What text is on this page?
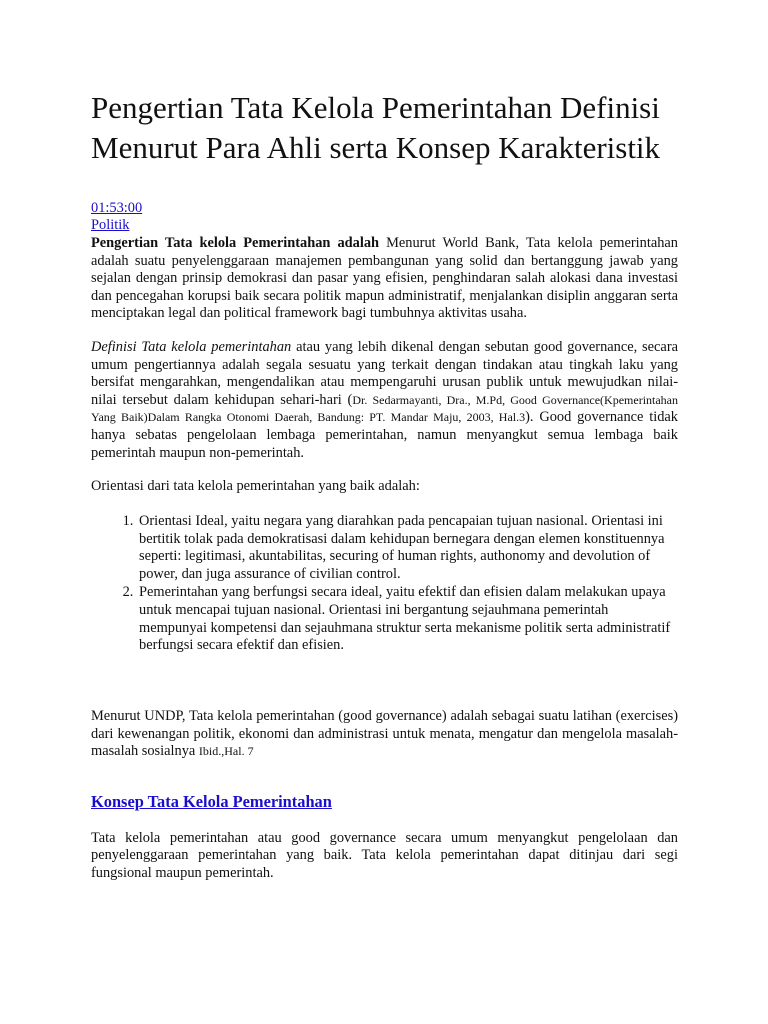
Pengertian Tata Kelola Pemerintahan Definisi Menurut Para Ahli serta Konsep Karakteristik
01:53:00
Politik

Pengertian Tata kelola Pemerintahan adalah Menurut World Bank, Tata kelola pemerintahan adalah suatu penyelenggaraan manajemen pembangunan yang solid dan bertanggung jawab yang sejalan dengan prinsip demokrasi dan pasar yang efisien, penghindaran salah alokasi dana investasi dan pencegahan korupsi baik secara politik mapun administratif, menjalankan disiplin anggaran serta menciptakan legal dan political framework bagi tumbuhnya aktivitas usaha.

Definisi Tata kelola pemerintahan atau yang lebih dikenal dengan sebutan good governance, secara umum pengertiannya adalah segala sesuatu yang terkait dengan tindakan atau tingkah laku yang bersifat mengarahkan, mengendalikan atau mempengaruhi urusan publik untuk mewujudkan nilai-nilai tersebut dalam kehidupan sehari-hari (Dr. Sedarmayanti, Dra., M.Pd, Good Governance(Kpemerintahan Yang Baik)Dalam Rangka Otonomi Daerah, Bandung: PT. Mandar Maju, 2003, Hal.3). Good governance tidak hanya sebatas pengelolaan lembaga pemerintahan, namun menyangkut semua lembaga baik pemerintah maupun non-pemerintah.

Orientasi dari tata kelola pemerintahan yang baik adalah:

1. Orientasi Ideal, yaitu negara yang diarahkan pada pencapaian tujuan nasional. Orientasi ini bertitik tolak pada demokratisasi dalam kehidupan bernegara dengan elemen konstituennya seperti: legitimasi, akuntabilitas, securing of human rights, authonomy and devolution of power, dan juga assurance of civilian control.
2. Pemerintahan yang berfungsi secara ideal, yaitu efektif dan efisien dalam melakukan upaya untuk mencapai tujuan nasional. Orientasi ini bergantung sejauhmana pemerintah mempunyai kompetensi dan sejauhmana struktur serta mekanisme politik serta administratif berfungsi secara efektif dan efisien.

Menurut UNDP, Tata kelola pemerintahan (good governance) adalah sebagai suatu latihan (exercises) dari kewenangan politik, ekonomi dan administrasi untuk menata, mengatur dan mengelola masalah-masalah sosialnya Ibid.,Hal. 7

Konsep Tata Kelola Pemerintahan

Tata kelola pemerintahan atau good governance secara umum menyangkut pengelolaan dan penyelenggaraan pemerintahan yang baik. Tata kelola pemerintahan dapat ditinjau dari segi fungsional maupun pemerintah.
